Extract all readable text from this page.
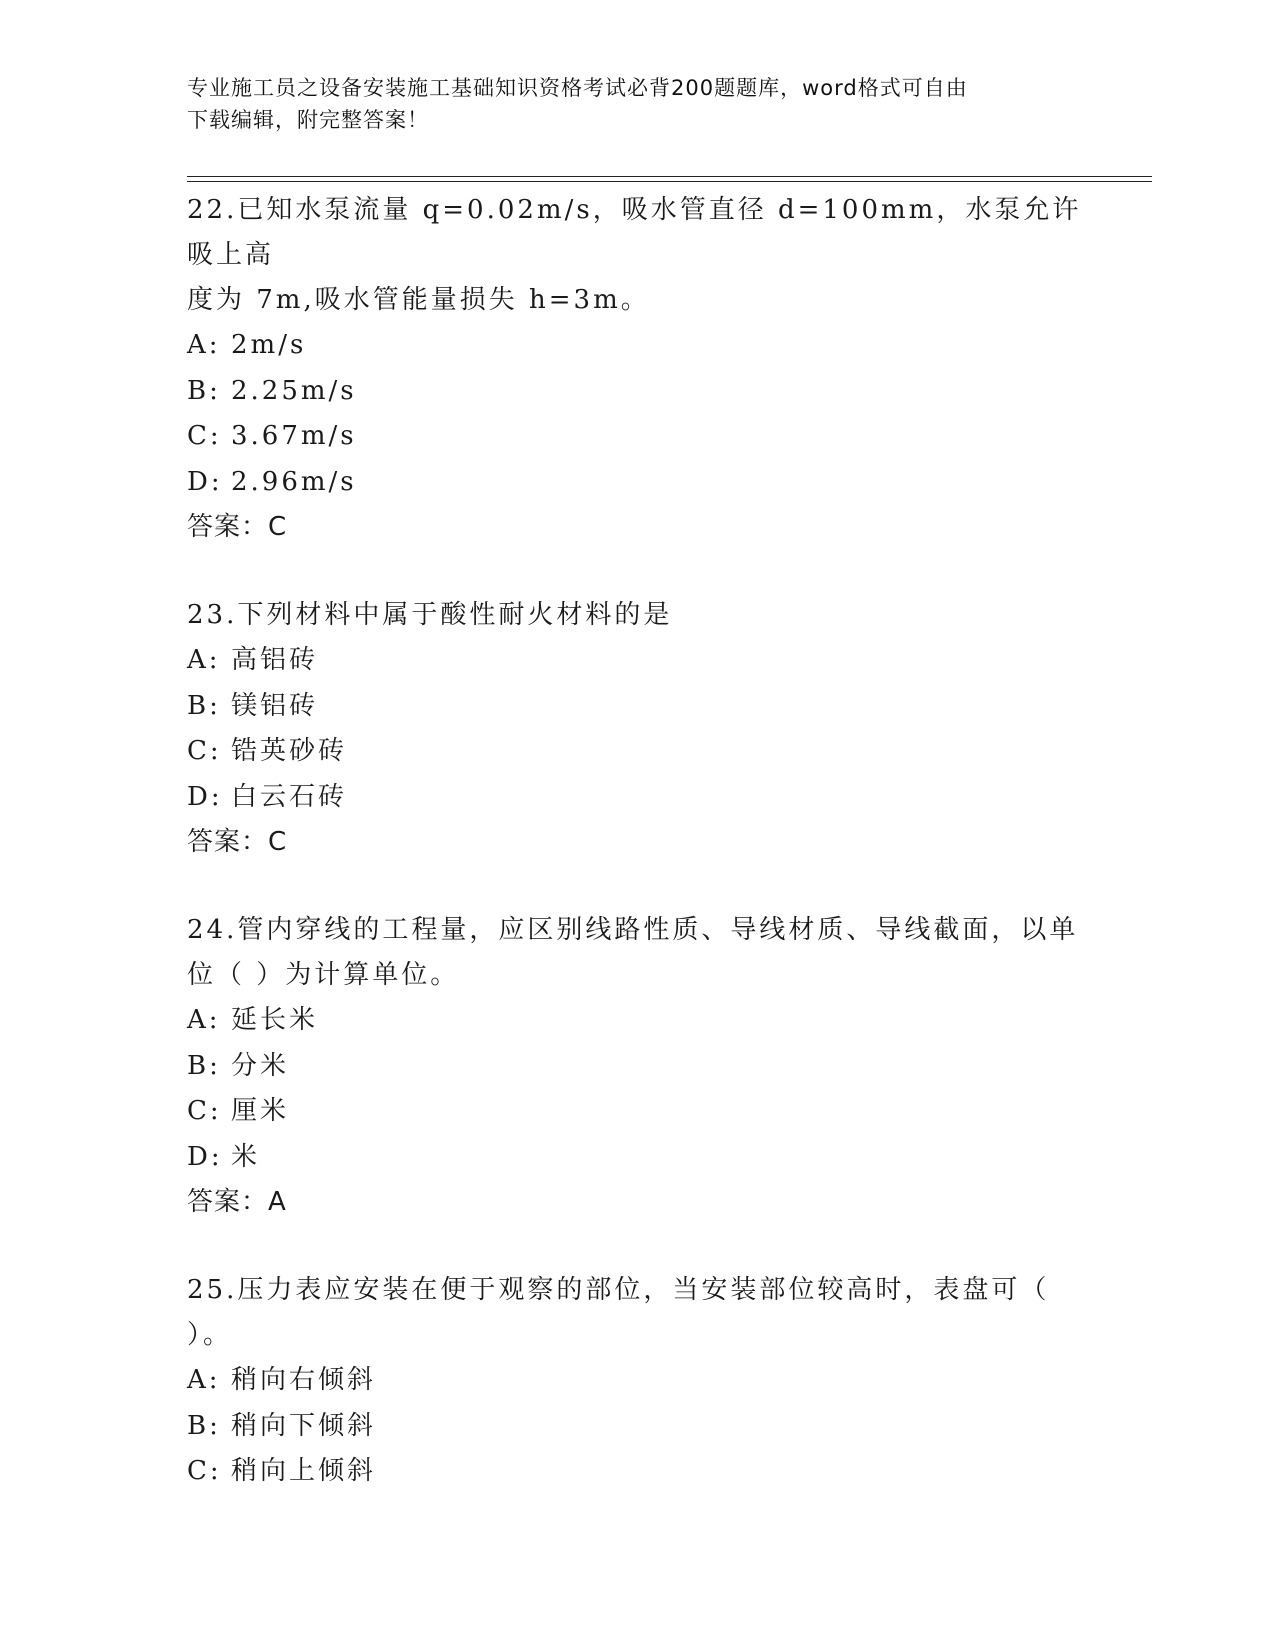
专业施工员之设备安装施工基础知识资格考试必背200题题库，word格式可自由
下载编辑，附完整答案！
22.已知水泵流量 q=0.02m/s，吸水管直径 d=100mm，水泵允许吸上高
度为 7m,吸水管能量损失 h=3m。
A: 2m/s
B: 2.25m/s
C: 3.67m/s
D: 2.96m/s
答案：C
23.下列材料中属于酸性耐火材料的是
A: 高铝砖
B: 镁铝砖
C: 锆英砂砖
D: 白云石砖
答案：C
24.管内穿线的工程量，应区别线路性质、导线材质、导线截面，以单
位（ ）为计算单位。
A: 延长米
B: 分米
C: 厘米
D: 米
答案：A
25.压力表应安装在便于观察的部位，当安装部位较高时，表盘可（
）。
A: 稍向右倾斜
B: 稍向下倾斜
C: 稍向上倾斜
